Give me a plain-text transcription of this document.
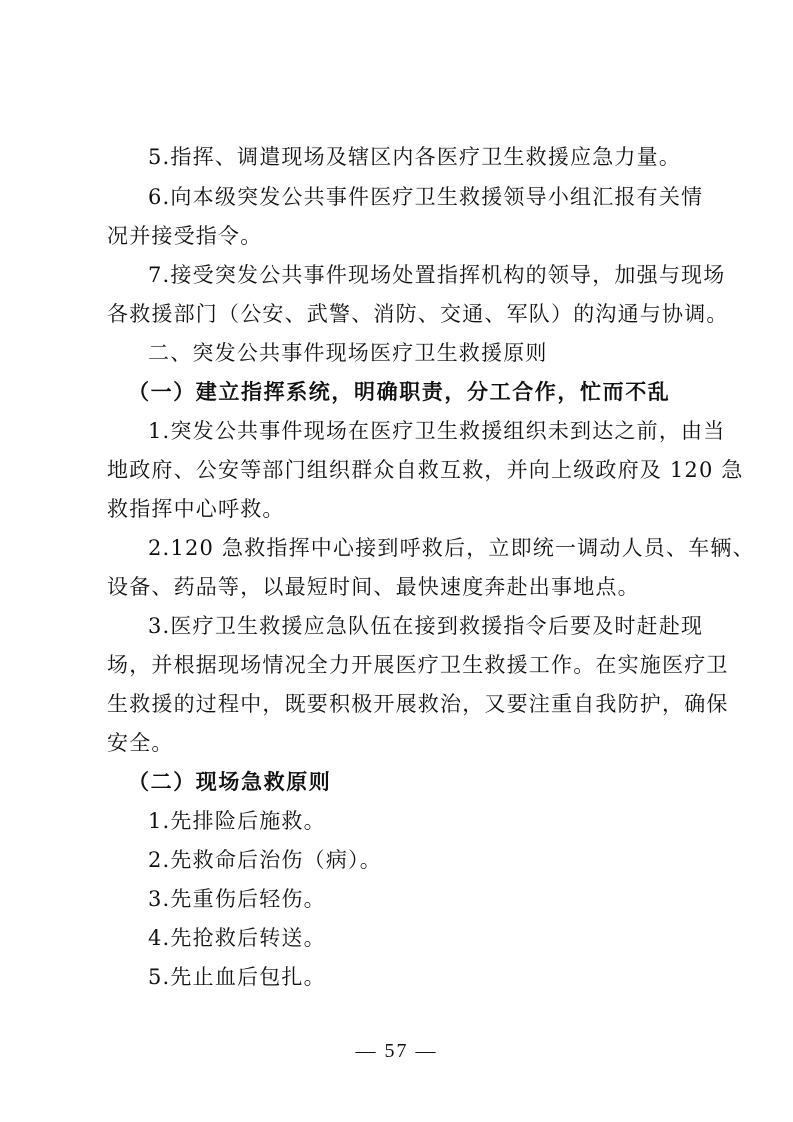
5.指挥、调遣现场及辖区内各医疗卫生救援应急力量。
6.向本级突发公共事件医疗卫生救援领导小组汇报有关情
况并接受指令。
7.接受突发公共事件现场处置指挥机构的领导，加强与现场
各救援部门（公安、武警、消防、交通、军队）的沟通与协调。
二、突发公共事件现场医疗卫生救援原则
（一）建立指挥系统，明确职责，分工合作，忙而不乱
1.突发公共事件现场在医疗卫生救援组织未到达之前，由当
地政府、公安等部门组织群众自救互救，并向上级政府及 120 急
救指挥中心呼救。
2.120 急救指挥中心接到呼救后，立即统一调动人员、车辆、
设备、药品等，以最短时间、最快速度奔赴出事地点。
3.医疗卫生救援应急队伍在接到救援指令后要及时赶赴现
场，并根据现场情况全力开展医疗卫生救援工作。在实施医疗卫
生救援的过程中，既要积极开展救治，又要注重自我防护，确保
安全。
（二）现场急救原则
1.先排险后施救。
2.先救命后治伤（病）。
3.先重伤后轻伤。
4.先抢救后转送。
5.先止血后包扎。
— 57 —
